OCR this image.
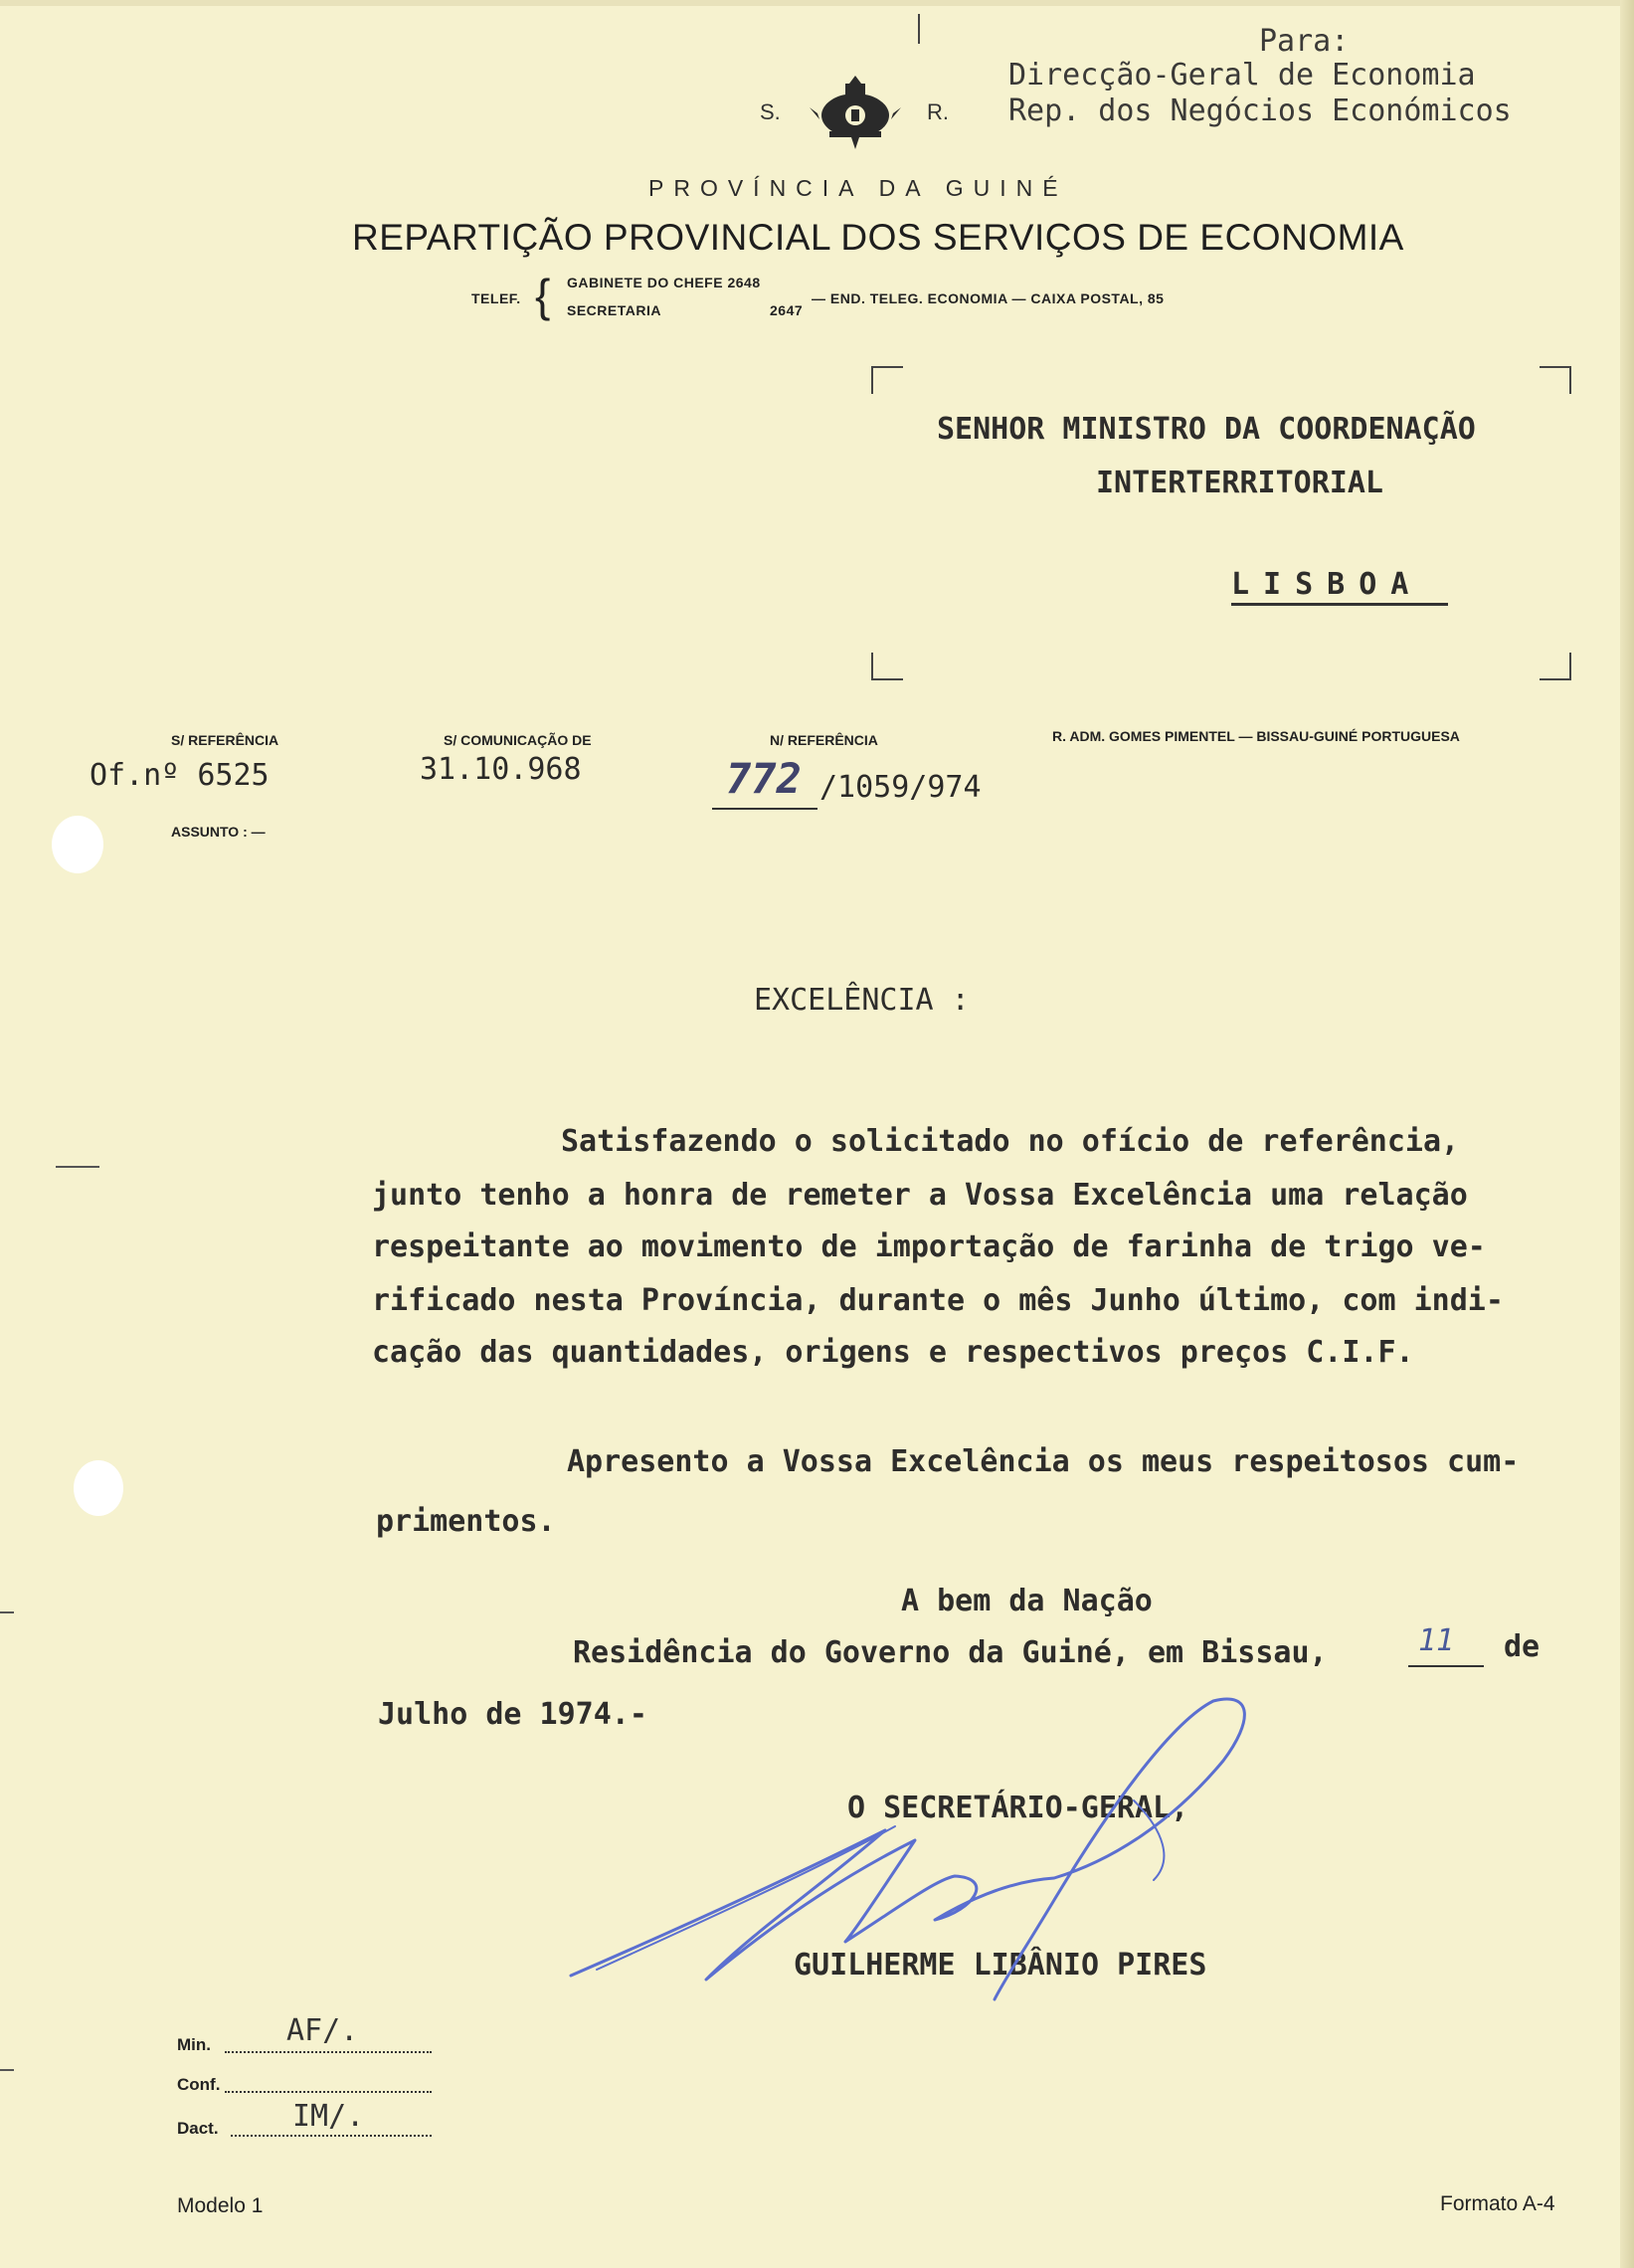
Para:
Direcção-Geral de Economia
Rep. dos Negócios Económicos
S.	R.
PROVÍNCIA DA GUINÉ
REPARTIÇÃO PROVINCIAL DOS SERVIÇOS DE ECONOMIA
TELEF. { GABINETE DO CHEFE 2648
SECRETARIA	2647
— END. TELEG. ECONOMIA — CAIXA POSTAL, 85
SENHOR MINISTRO DA COORDENAÇÃO
INTERTERRITORIAL
LISBOA
S/ REFERÊNCIA
Of.nº 6525
S/ COMUNICAÇÃO DE
31.10.968
N/ REFERÊNCIA
772 /1059/974
R. ADM. GOMES PIMENTEL — BISSAU-GUINÉ PORTUGUESA
ASSUNTO : —
EXCELÊNCIA :
Satisfazendo o solicitado no ofício de referência,
junto tenho a honra de remeter a Vossa Excelência uma relação
respeitante ao movimento de importação de farinha de trigo ve-
rificado nesta Província, durante o mês Junho último, com indi-
cação das quantidades, origens e respectivos preços C.I.F.
Apresento a Vossa Excelência os meus respeitosos cum-
primentos.
A bem da Nação
Residência do Governo da Guiné, em Bissau,	11 de
Julho de 1974.-
O SECRETÁRIO-GERAL,
GUILHERME LIBÂNIO PIRES
Min.	AF/.
Conf.
Dact. IM/.
Modelo 1	Formato A-4
